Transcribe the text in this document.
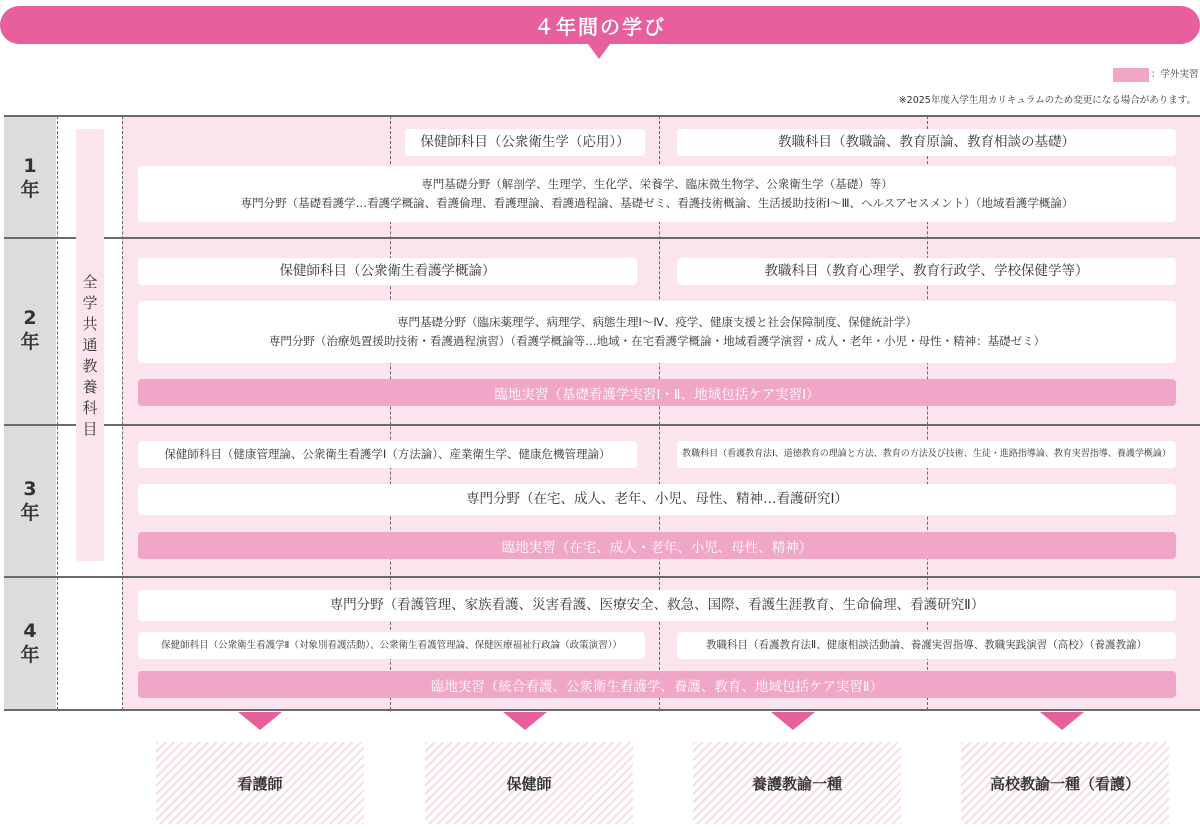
４年間の学び
：学外実習
※2025年度入学生用カリキュラムのため変更になる場合があります。
1
年
2
年
3
年
4
年
全学共通教養科目
保健師科目（公衆衛生学（応用））	教職科目（教職論、教育原論、教育相談の基礎）
専門基礎分野（解剖学、生理学、生化学、栄養学、臨床微生物学、公衆衛生学（基礎）等）
専門分野（基礎看護学…看護学概論、看護倫理、看護理論、看護過程論、基礎ゼミ、看護技術概論、生活援助技術Ⅰ～Ⅲ、ヘルスアセスメント）（地域看護学概論）
保健師科目（公衆衛生看護学概論）	教職科目（教育心理学、教育行政学、学校保健学等）
専門基礎分野（臨床薬理学、病理学、病態生理Ⅰ～Ⅳ、疫学、健康支援と社会保障制度、保健統計学）
専門分野（治療処置援助技術・看護過程演習）（看護学概論等…地域・在宅看護学概論・地域看護学演習・成人・老年・小児・母性・精神：基礎ゼミ）
臨地実習（基礎看護学実習Ⅰ・Ⅱ、地域包括ケア実習Ⅰ）
保健師科目（健康管理論、公衆衛生看護学Ⅰ（方法論）、産業衛生学、健康危機管理論）	教職科目（看護教育法Ⅰ、道徳教育の理論と方法、教育の方法及び技術、生徒・進路指導論、教育実習指導、養護学概論）
専門分野（在宅、成人、老年、小児、母性、精神…看護研究Ⅰ）
臨地実習（在宅、成人・老年、小児、母性、精神）
専門分野（看護管理、家族看護、災害看護、医療安全、救急、国際、看護生涯教育、生命倫理、看護研究Ⅱ）
保健師科目（公衆衛生看護学Ⅱ（対象別看護活動）、公衆衛生看護管理論、保健医療福祉行政論（政策演習））	教職科目（看護教育法Ⅱ、健康相談活動論、養護実習指導、教職実践演習（高校）（養護教諭）
臨地実習（統合看護、公衆衛生看護学、養護、教育、地域包括ケア実習Ⅱ）
看護師	保健師	養護教諭一種	高校教諭一種（看護）
